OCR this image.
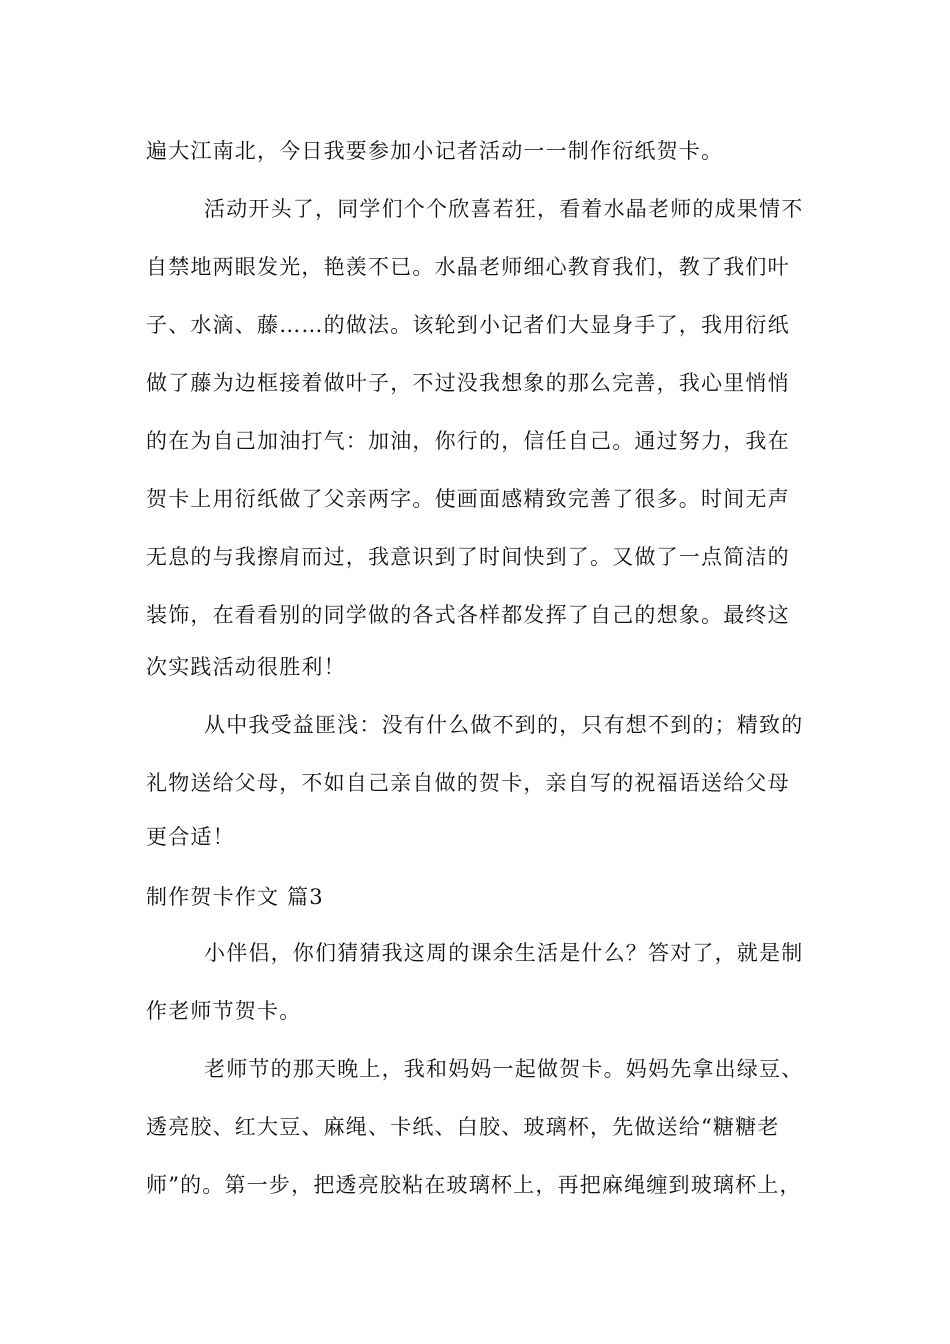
遍大江南北，今日我要参加小记者活动一一制作衍纸贺卡。
活动开头了，同学们个个欣喜若狂，看着水晶老师的成果情不
自禁地两眼发光，艳羡不已。水晶老师细心教育我们，教了我们叶
子、水滴、藤……的做法。该轮到小记者们大显身手了，我用衍纸
做了藤为边框接着做叶子，不过没我想象的那么完善，我心里悄悄
的在为自己加油打气：加油，你行的，信任自己。通过努力，我在
贺卡上用衍纸做了父亲两字。使画面感精致完善了很多。时间无声
无息的与我擦肩而过，我意识到了时间快到了。又做了一点简洁的
装饰，在看看别的同学做的各式各样都发挥了自己的想象。最终这
次实践活动很胜利！
从中我受益匪浅：没有什么做不到的，只有想不到的；精致的
礼物送给父母，不如自己亲自做的贺卡，亲自写的祝福语送给父母
更合适！
制作贺卡作文 篇3
小伴侣，你们猜猜我这周的课余生活是什么？答对了，就是制
作老师节贺卡。
老师节的那天晚上，我和妈妈一起做贺卡。妈妈先拿出绿豆、
透亮胶、红大豆、麻绳、卡纸、白胶、玻璃杯，先做送给“糖糖老
师”的。第一步，把透亮胶粘在玻璃杯上，再把麻绳缠到玻璃杯上，
